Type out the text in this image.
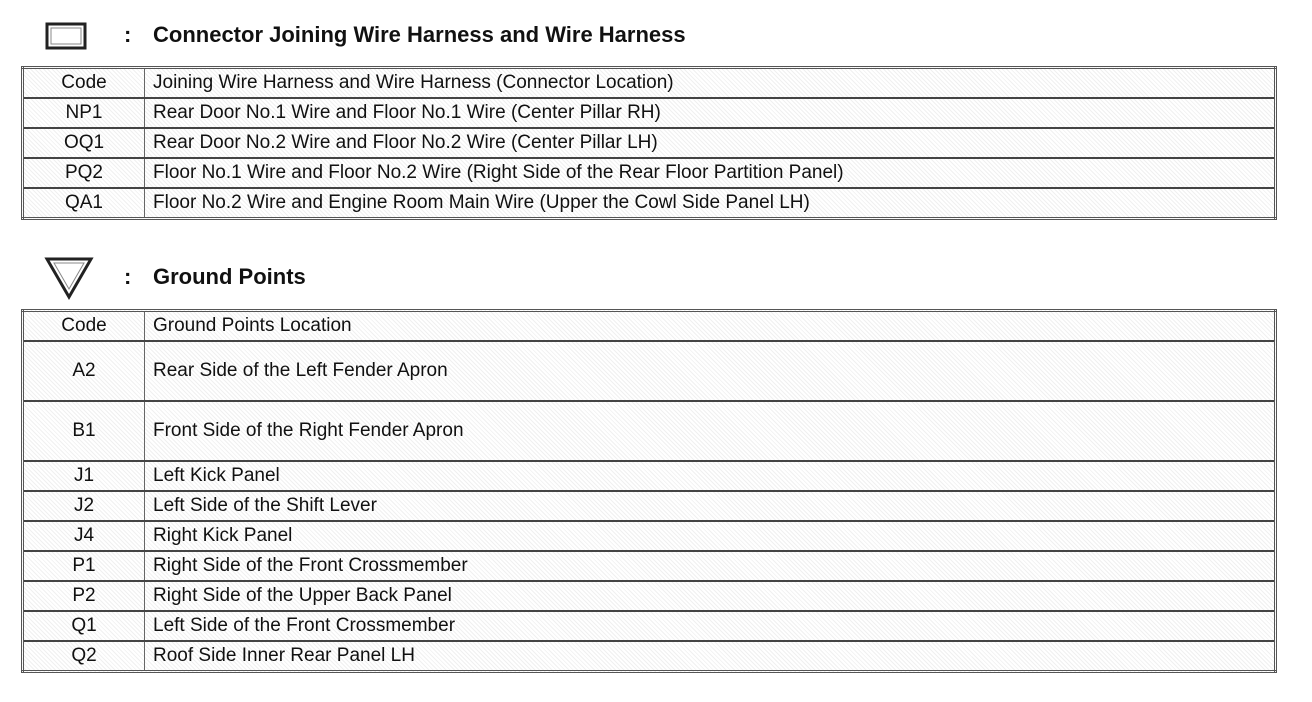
: Connector Joining Wire Harness and Wire Harness
Code	Joining Wire Harness and Wire Harness (Connector Location)
NP1	Rear Door No.1 Wire and Floor No.1 Wire (Center Pillar RH)
OQ1	Rear Door No.2 Wire and Floor No.2 Wire (Center Pillar LH)
PQ2	Floor No.1 Wire and Floor No.2 Wire (Right Side of the Rear Floor Partition Panel)
QA1	Floor No.2 Wire and Engine Room Main Wire (Upper the Cowl Side Panel LH)
: Ground Points
Code	Ground Points Location
A2	Rear Side of the Left Fender Apron
B1	Front Side of the Right Fender Apron
J1	Left Kick Panel
J2	Left Side of the Shift Lever
J4	Right Kick Panel
P1	Right Side of the Front Crossmember
P2	Right Side of the Upper Back Panel
Q1	Left Side of the Front Crossmember
Q2	Roof Side Inner Rear Panel LH
